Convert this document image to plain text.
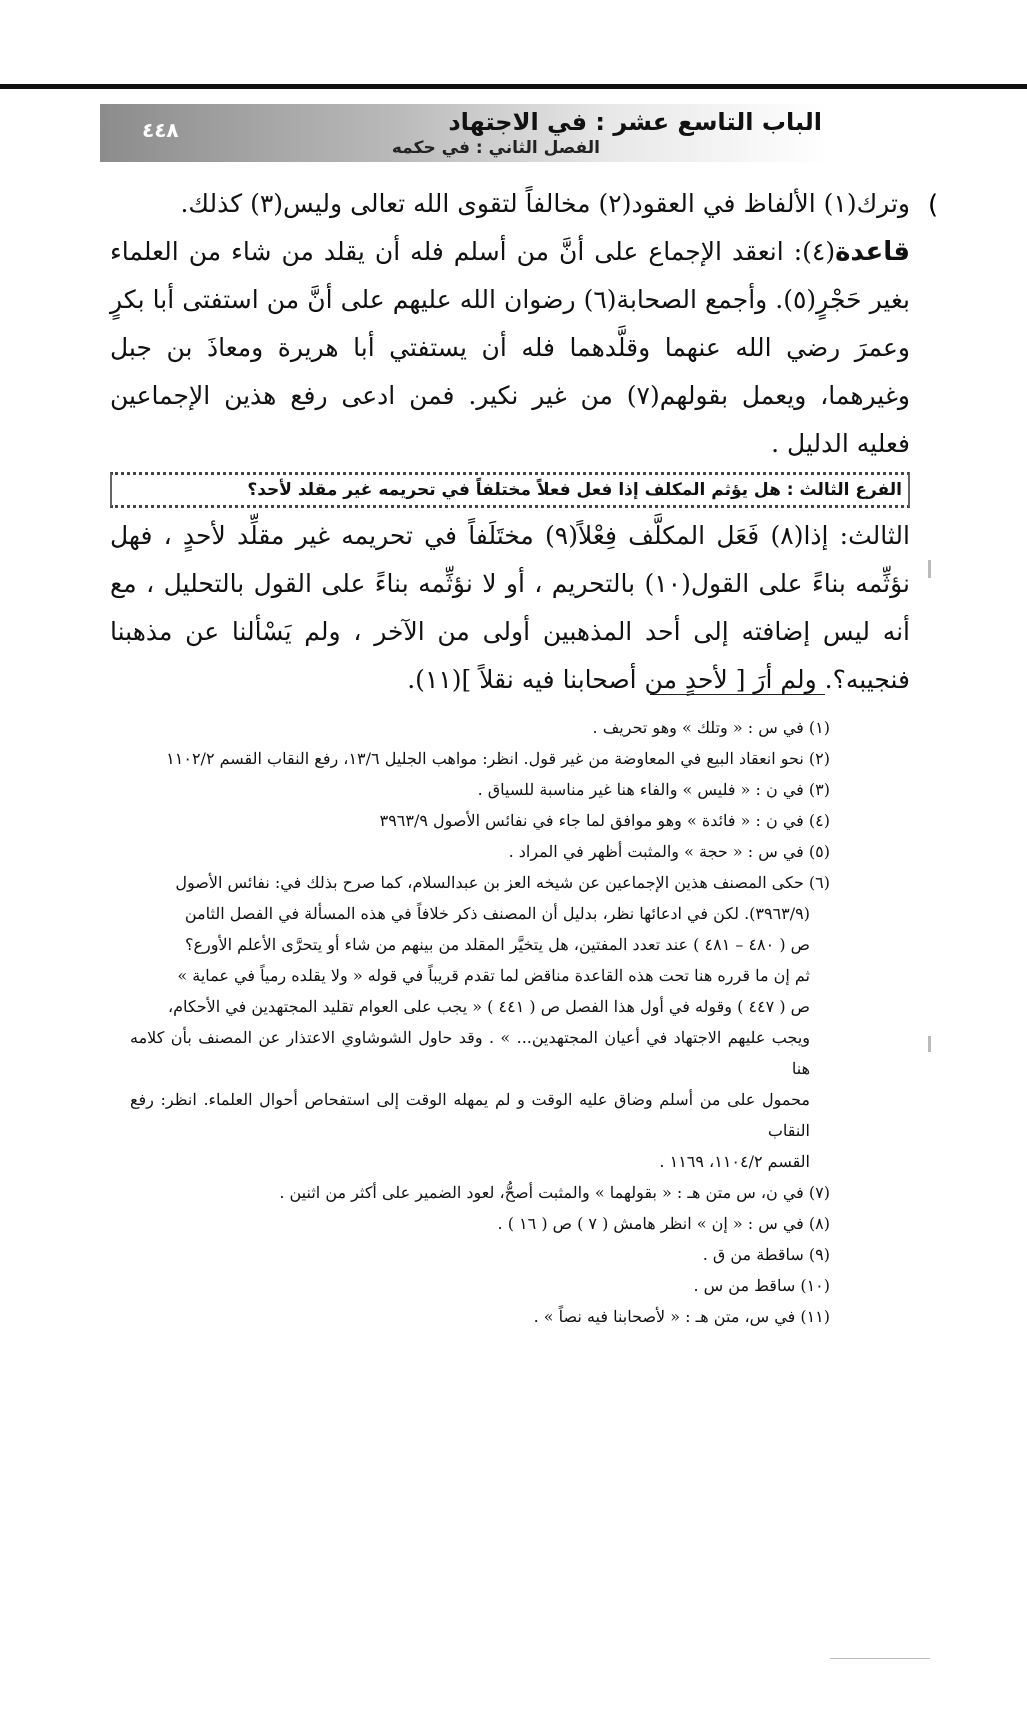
الباب التاسع عشر : في الاجتهاد
الفصل الثاني : في حكمه
٤٤٨
(

وترك(١) الألفاظ في العقود(٢) مخالفاً لتقوى الله تعالى وليس(٣) كذلك.

قاعدة(٤): انعقد الإجماع على أنَّ من أسلم فله أن يقلد من شاء من العلماء بغير حَجْرٍ(٥). وأجمع الصحابة(٦) رضوان الله عليهم على أنَّ من استفتى أبا بكرٍ وعمرَ رضي الله عنهما وقلَّدهما فله أن يستفتي أبا هريرة ومعاذَ بن جبل وغيرهما، ويعمل بقولهم(٧) من غير نكير. فمن ادعى رفع هذين الإجماعين فعليه الدليل .

الفرع الثالث : هل يؤثم المكلف إذا فعل فعلاً مختلفاً في تحريمه غير مقلد لأحد؟

الثالث: إذا(٨) فَعَل المكلَّف فِعْلاً(٩) مختَلَفاً في تحريمه غير مقلِّد لأحدٍ ، فهل نؤثِّمه بناءً على القول(١٠) بالتحريم ، أو لا نؤثِّمه بناءً على القول بالتحليل ، مع أنه ليس إضافته إلى أحد المذهبين أولى من الآخر ، ولم يَسْألنا عن مذهبنا فنجيبه؟. ولم أرَ [ لأحدٍ من أصحابنا فيه نقلاً ](١١).

(١) في س : « وتلك » وهو تحريف .

(٢) نحو انعقاد البيع في المعاوضة من غير قول. انظر: مواهب الجليل ١٣/٦، رفع النقاب القسم ١١٠٢/٢

(٣) في ن : « فليس » والفاء هنا غير مناسبة للسياق .

(٤) في ن : « فائدة » وهو موافق لما جاء في نفائس الأصول ٣٩٦٣/٩

(٥) في س : « حجة » والمثبت أظهر في المراد .

(٦) حكى المصنف هذين الإجماعين عن شيخه العز بن عبدالسلام، كما صرح بذلك في: نفائس الأصول

(٣٩٦٣/٩). لكن في ادعائها نظر، بدليل أن المصنف ذكر خلافاً في هذه المسألة في الفصل الثامن

ص ( ٤٨٠ – ٤٨١ ) عند تعدد المفتين، هل يتخيَّر المقلد من بينهم من شاء أو يتحرَّى الأعلم الأورع؟

ثم إن ما قرره هنا تحت هذه القاعدة مناقض لما تقدم قريباً في قوله « ولا يقلده رمياً في عماية »

ص ( ٤٤٧ ) وقوله في أول هذا الفصل ص ( ٤٤١ ) « يجب على العوام تقليد المجتهدين في الأحكام،

ويجب عليهم الاجتهاد في أعيان المجتهدين... » . وقد حاول الشوشاوي الاعتذار عن المصنف بأن كلامه هنا

محمول على من أسلم وضاق عليه الوقت و لم يمهله الوقت إلى استفحاص أحوال العلماء. انظر: رفع النقاب

القسم ١١٠٤/٢، ١١٦٩ .

(٧) في ن، س متن هـ : « بقولهما » والمثبت أصحُّ، لعود الضمير على أكثر من اثنين .

(٨) في س : « إن » انظر هامش ( ٧ ) ص ( ١٦ ) .

(٩) ساقطة من ق .

(١٠) ساقط من س .

(١١) في س، متن هـ : « لأصحابنا فيه نصاً » .
